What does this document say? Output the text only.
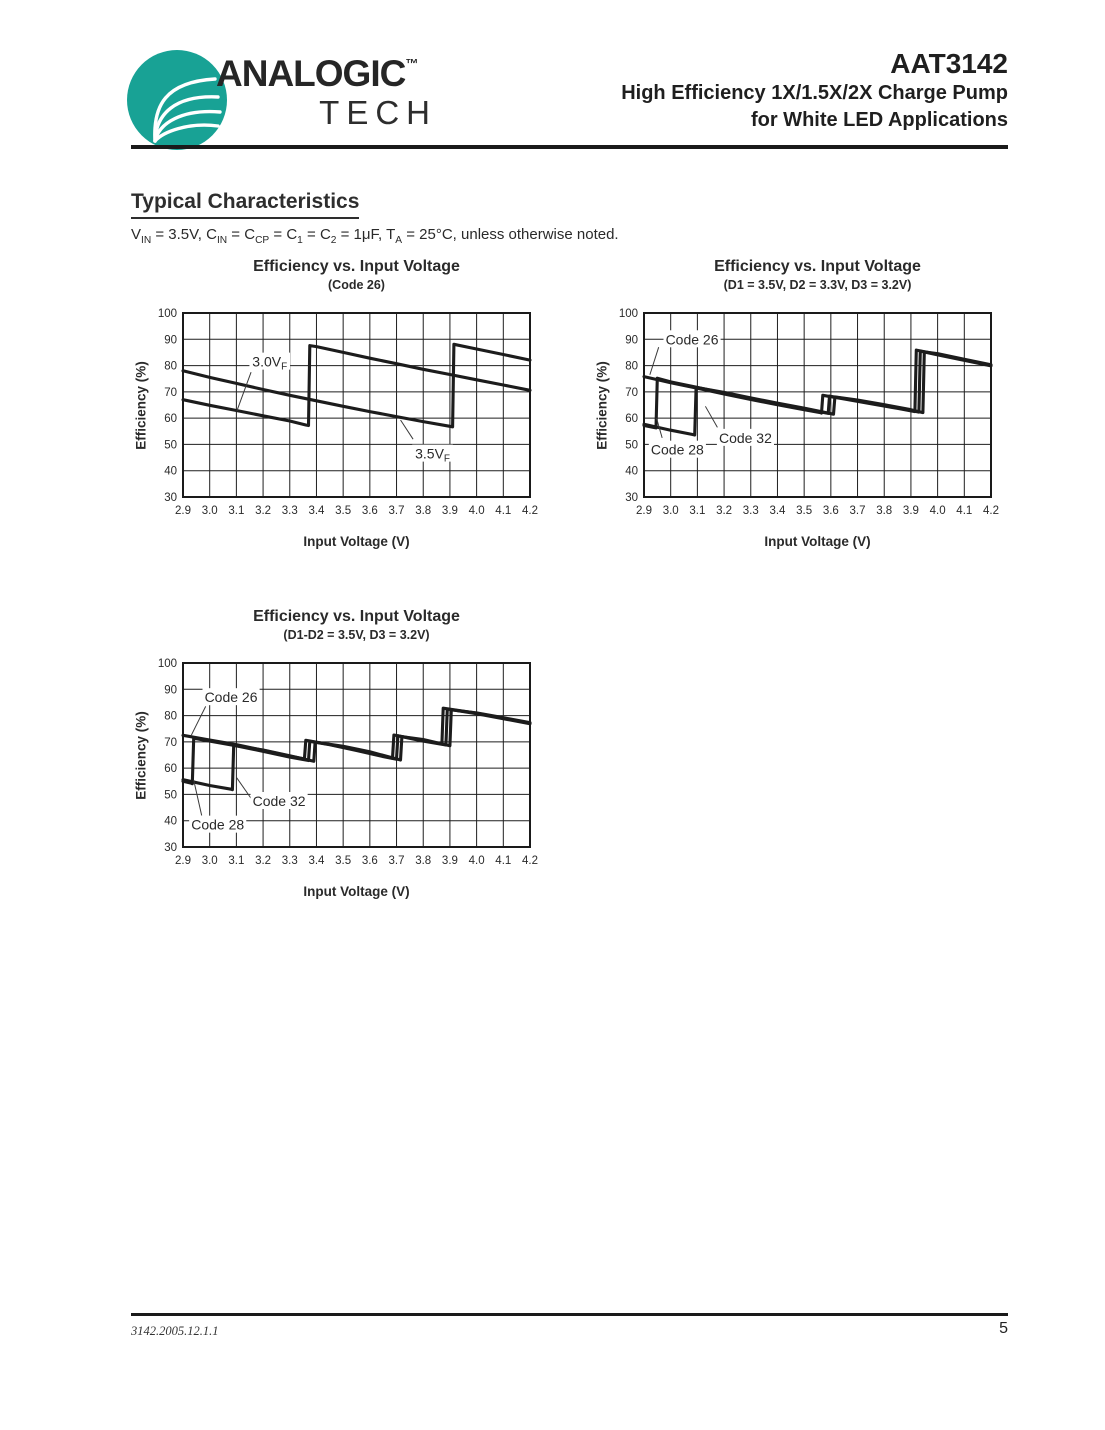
ANALOGIC™
TECH
AAT3142
High Efficiency 1X/1.5X/2X Charge Pump
for White LED Applications
Typical Characteristics
$V_{IN} = 3.5V$, $C_{IN} = C_{CP} = C_1 = C_2 = 1\mu F$, $T_A = 25^\circ C$, unless otherwise noted.
2.9 3.0 3.1 3.2 3.3 3.4 3.5 3.6 3.7 3.8 3.9 4.0 4.1 4.2
100
90
80
70
60
50
40
30
$3.0V_F$
$3.5V_F$
Efficiency vs. Input Voltage
(Code 26)
Efficiency (%)
Input Voltage (V)
2.9 3.0 3.1 3.2 3.3 3.4 3.5 3.6 3.7 3.8 3.9 4.0 4.1 4.2
100
90
80
70
60
50
40
30
Code 26
Code 32
Code 28
Efficiency vs. Input Voltage
(D1 = 3.5V, D2 = 3.3V, D3 = 3.2V)
Efficiency (%)
Input Voltage (V)
2.9 3.0 3.1 3.2 3.3 3.4 3.5 3.6 3.7 3.8 3.9 4.0 4.1 4.2
100
90
80
70
60
50
40
30
Code 26
Code 32
Code 28
Efficiency vs. Input Voltage
(D1-D2 = 3.5V, D3 = 3.2V)
Efficiency (%)
Input Voltage (V)
3142.2005.12.1.1	5
